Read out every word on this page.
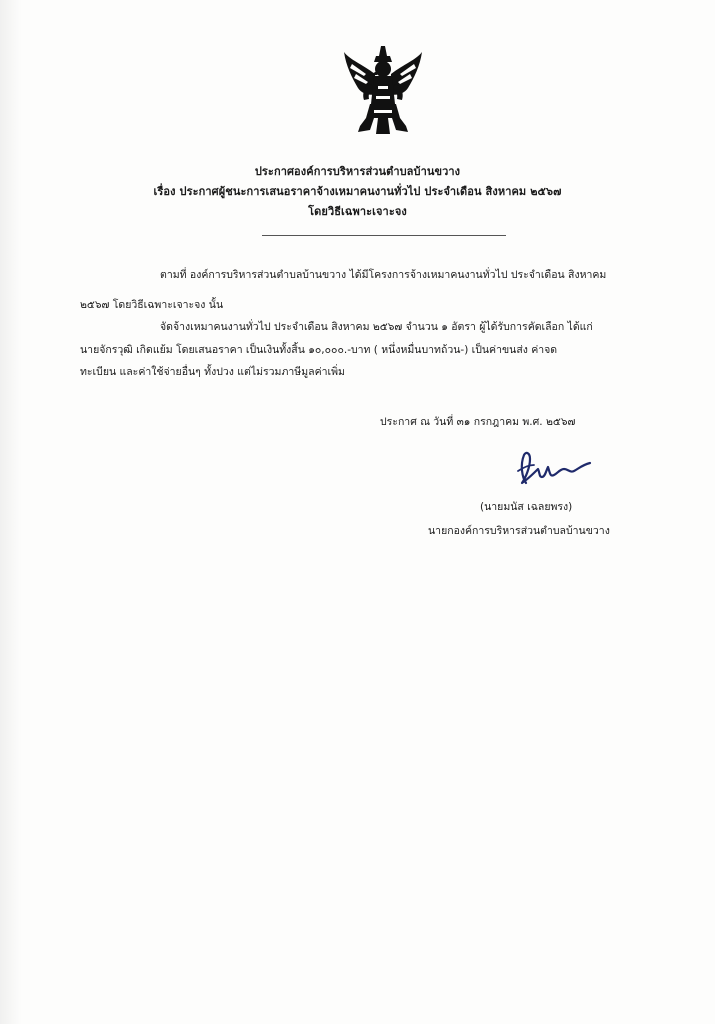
ประกาศองค์การบริหารส่วนตำบลบ้านขวาง
เรื่อง ประกาศผู้ชนะการเสนอราคาจ้างเหมาคนงานทั่วไป ประจำเดือน สิงหาคม ๒๕๖๗
โดยวิธีเฉพาะเจาะจง
ตามที่ องค์การบริหารส่วนตำบลบ้านขวาง ได้มีโครงการจ้างเหมาคนงานทั่วไป ประจำเดือน สิงหาคม
๒๕๖๗ โดยวิธีเฉพาะเจาะจง นั้น
จัดจ้างเหมาคนงานทั่วไป ประจำเดือน สิงหาคม ๒๕๖๗ จำนวน ๑ อัตรา ผู้ได้รับการคัดเลือก ได้แก่
นายจักรวุฒิ เกิดแย้ม โดยเสนอราคา เป็นเงินทั้งสิ้น ๑๐,๐๐๐.-บาท ( หนึ่งหมื่นบาทถ้วน-) เป็นค่าขนส่ง ค่าจด
ทะเบียน และค่าใช้จ่ายอื่นๆ ทั้งปวง แต่ไม่รวมภาษีมูลค่าเพิ่ม
ประกาศ ณ วันที่ ๓๑ กรกฎาคม พ.ศ. ๒๕๖๗
(นายมนัส เฉลยพรง)
นายกองค์การบริหารส่วนตำบลบ้านขวาง
